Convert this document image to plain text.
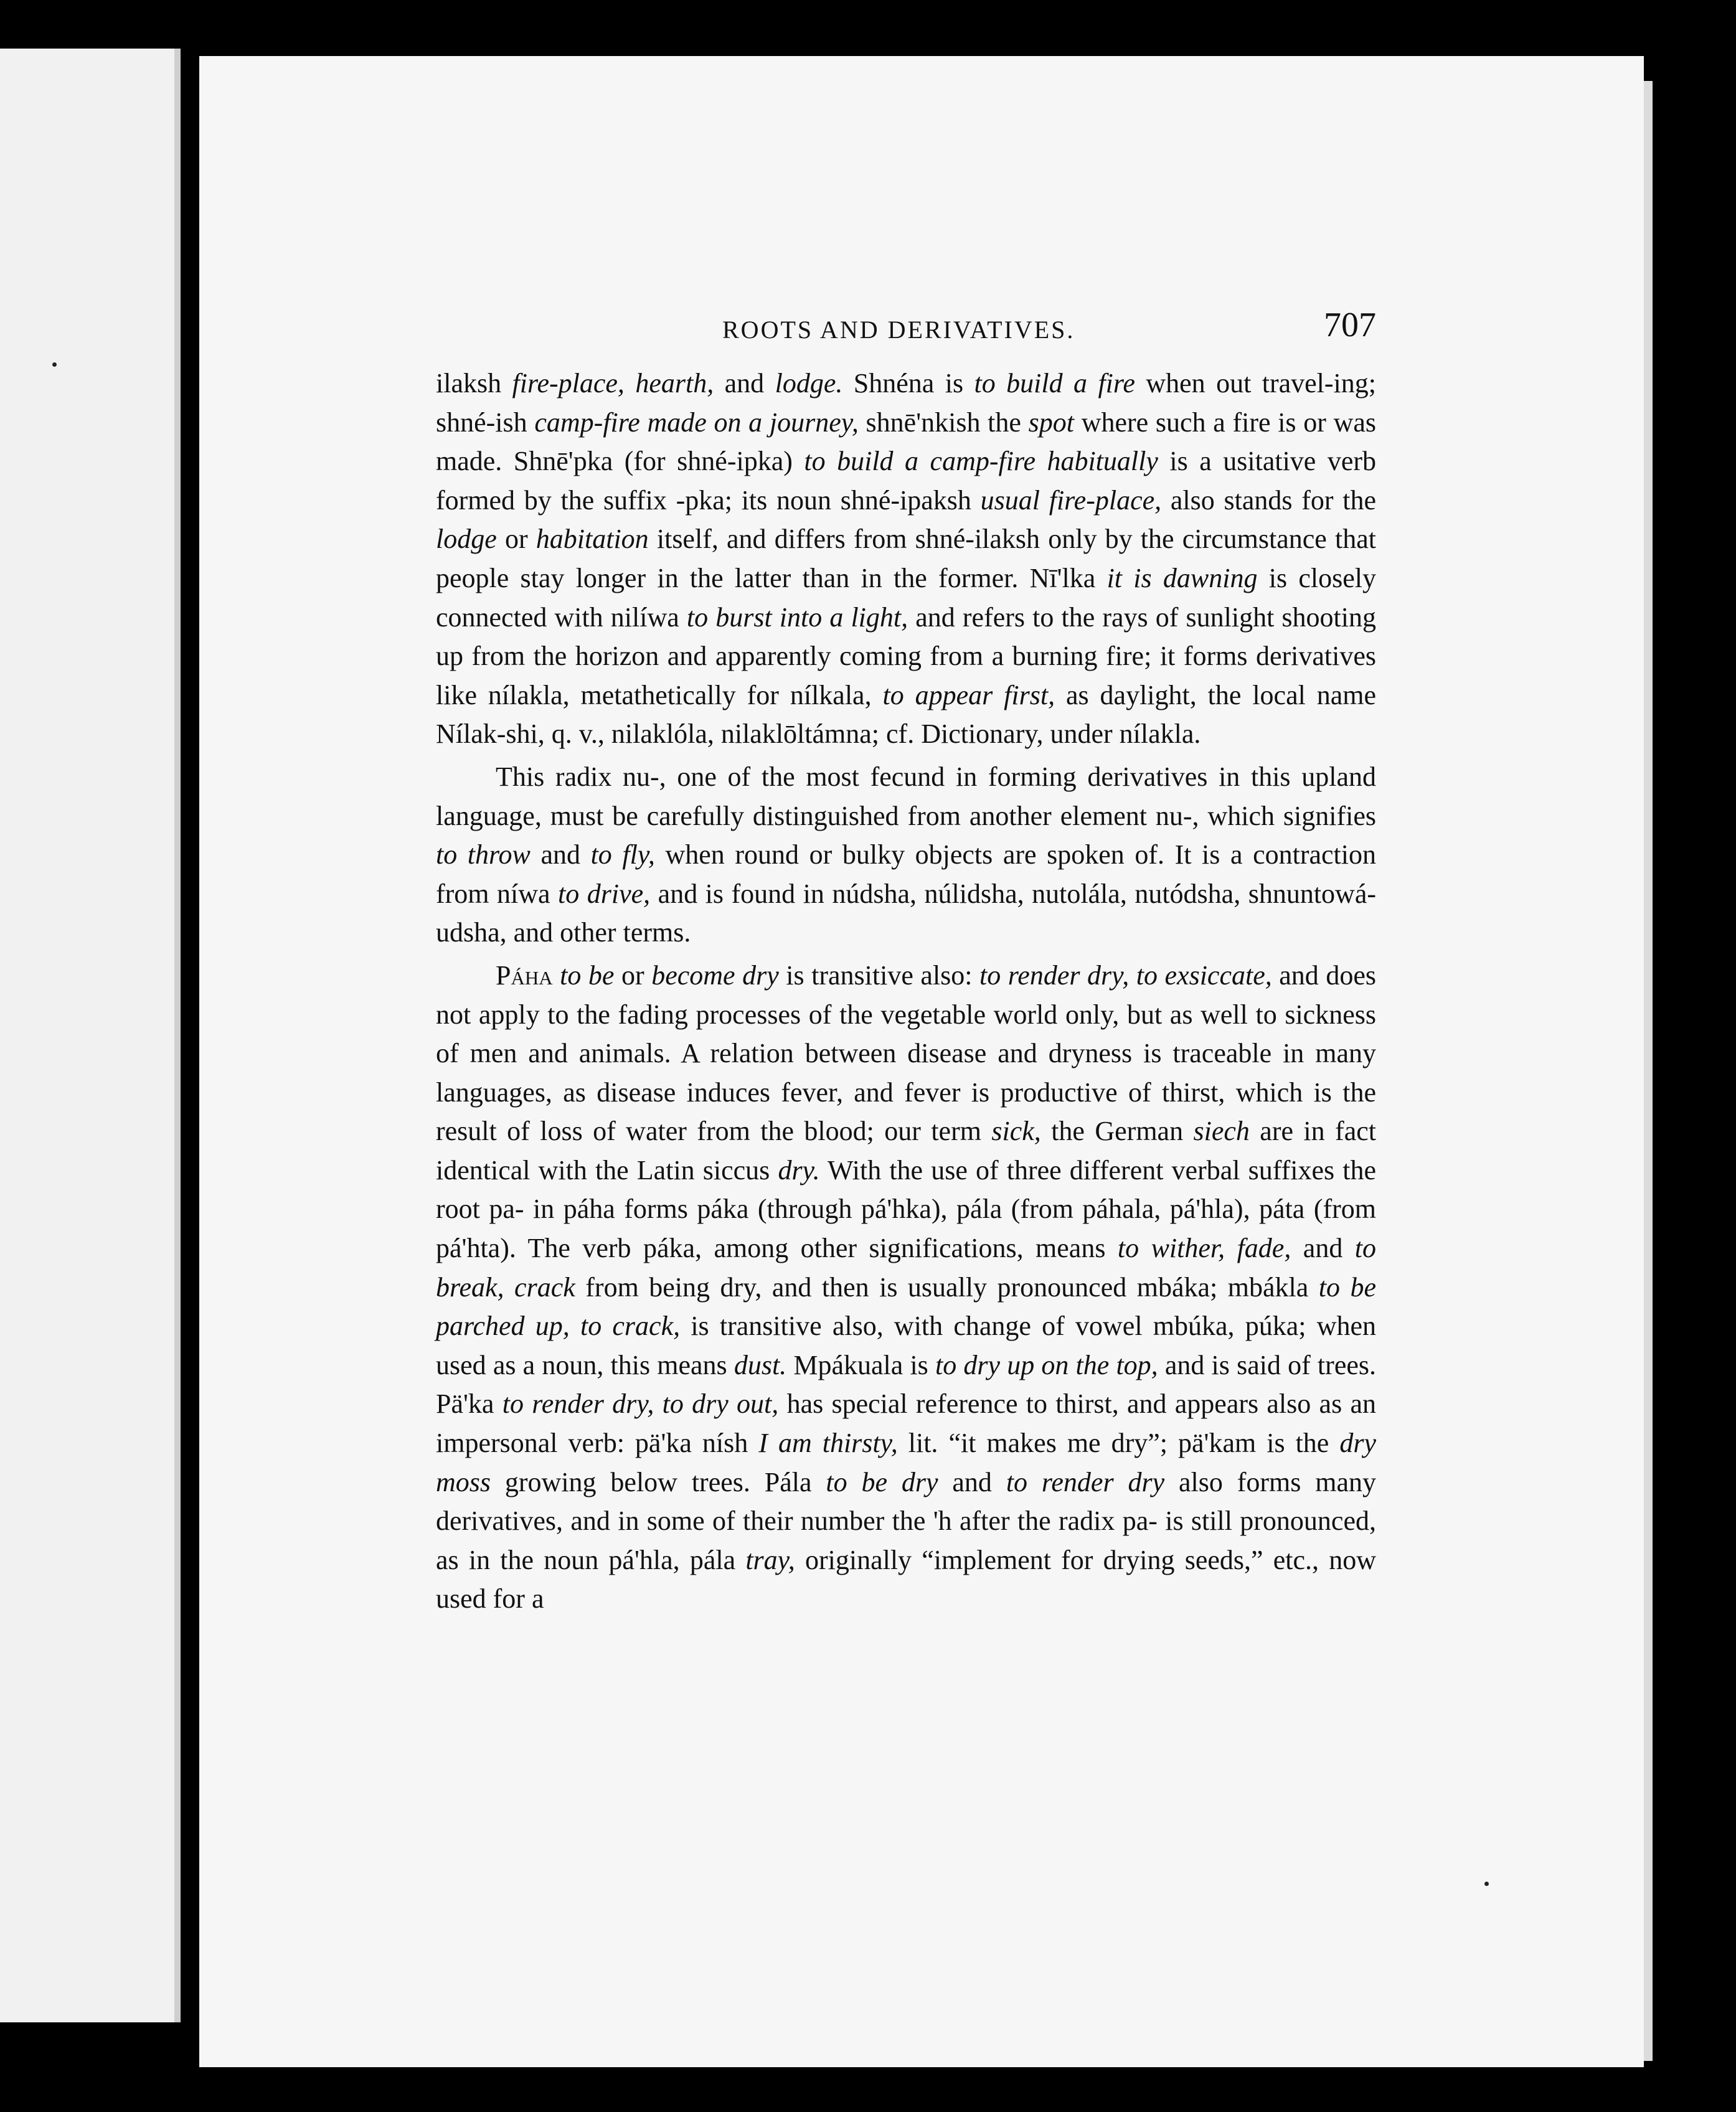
ROOTS AND DERIVATIVES.	707

ilaksh fire-place, hearth, and lodge. Shnéna is to build a fire when out travel-ing; shné-ish camp-fire made on a journey, shnē'nkish the spot where such a fire is or was made. Shnē'pka (for shné-ipka) to build a camp-fire habitually is a usitative verb formed by the suffix -pka; its noun shné-ipaksh usual fire-place, also stands for the lodge or habitation itself, and differs from shné-ilaksh only by the circumstance that people stay longer in the latter than in the former. Nī'lka it is dawning is closely connected with nilíwa to burst into a light, and refers to the rays of sunlight shooting up from the horizon and apparently coming from a burning fire; it forms derivatives like nílakla, metathetically for nílkala, to appear first, as daylight, the local name Nílak-shi, q. v., nilaklóla, nilaklōltámna; cf. Dictionary, under nílakla.

This radix nu-, one of the most fecund in forming derivatives in this upland language, must be carefully distinguished from another element nu-, which signifies to throw and to fly, when round or bulky objects are spoken of. It is a contraction from níwa to drive, and is found in núdsha, núlidsha, nutolála, nutódsha, shnuntowá-udsha, and other terms.

Páha to be or become dry is transitive also: to render dry, to exsiccate, and does not apply to the fading processes of the vegetable world only, but as well to sickness of men and animals. A relation between disease and dryness is traceable in many languages, as disease induces fever, and fever is productive of thirst, which is the result of loss of water from the blood; our term sick, the German siech are in fact identical with the Latin siccus dry. With the use of three different verbal suffixes the root pa- in páha forms páka (through pá'hka), pála (from páhala, pá'hla), páta (from pá'hta). The verb páka, among other significations, means to wither, fade, and to break, crack from being dry, and then is usually pronounced mbáka; mbákla to be parched up, to crack, is transitive also, with change of vowel mbúka, púka; when used as a noun, this means dust. Mpákuala is to dry up on the top, and is said of trees. Pä'ka to render dry, to dry out, has special reference to thirst, and appears also as an impersonal verb: pä'ka nísh I am thirsty, lit. “it makes me dry”; pä'kam is the dry moss growing below trees. Pála to be dry and to render dry also forms many derivatives, and in some of their number the 'h after the radix pa- is still pronounced, as in the noun pá'hla, pála tray, originally “implement for drying seeds,” etc., now used for a
